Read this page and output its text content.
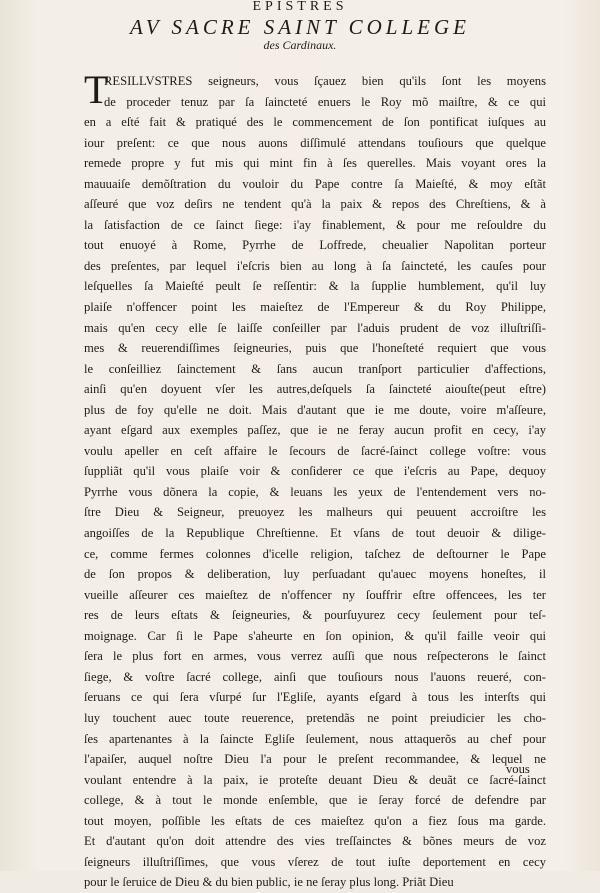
EPISTRES
AV SACRE SAINT COLLEGE
des Cardinaux.
T
RESILLVSTRES seigneurs, vous ſçauez bien qu'ils ſont les moyens
de proceder tenuz par ſa ſaincteté enuers le Roy mõ maiſtre, & ce qui
en a eſté fait & pratiqué des le commencement de ſon pontificat iuſques au
iour preſent: ce que nous auons diſſimulé attendans touſiours que quelque
remede propre y fut mis qui mint fin à ſes querelles. Mais voyant ores la
mauuaiſe demõſtration du vouloir du Pape contre ſa Maieſté, & moy eſtãt
aſſeuré que voz deſirs ne tendent qu'à la paix & repos des Chreſtiens, & à
la ſatisfaction de ce ſainct ſiege: i'ay finablement, & pour me reſouldre du
tout enuoyé à Rome, Pyrrhe de Loffrede, cheualier Napolitan porteur
des preſentes, par lequel i'eſcris bien au long à ſa ſaincteté, les cauſes pour
leſquelles ſa Maieſté peult ſe reſſentir: & la ſupplie humblement, qu'il luy
plaiſe n'offencer point les maieſtez de l'Empereur & du Roy Philippe,
mais qu'en cecy elle ſe laiſſe conſeiller par l'aduis prudent de voz illuſtriſſi-
mes & reuerendiſſimes ſeigneuries, puis que l'honeſteté requiert que vous
le conſeilliez ſainctement & ſans aucun tranſport particulier d'affections,
ainſi qu'en doyuent vſer les autres,deſquels ſa ſaincteté aiouſte(peut eſtre)
plus de foy qu'elle ne doit. Mais d'autant que ie me doute, voire m'aſſeure,
ayant eſgard aux exemples paſſez, que ie ne feray aucun profit en cecy, i'ay
voulu apeller en ceſt affaire le ſecours de ſacré-ſainct college voſtre: vous
ſuppliãt qu'il vous plaiſe voir & conſiderer ce que i'eſcris au Pape, dequoy
Pyrrhe vous dõnera la copie, & leuans les yeux de l'entendement vers no-
ſtre Dieu & Seigneur, preuoyez les malheurs qui peuuent accroiſtre les
angoiſſes de la Republique Chreſtienne. Et vſans de tout deuoir & dilige-
ce, comme fermes colonnes d'icelle religion, taſchez de deſtourner le Pape
de ſon propos & deliberation, luy perſuadant qu'auec moyens honeſtes, il
vueille aſſeurer ces maieſtez de n'offencer ny ſouffrir eſtre offencees, les ter
res de leurs eſtats & ſeigneuries, & pourſuyurez cecy ſeulement pour teſ-
moignage. Car ſi le Pape s'aheurte en ſon opinion, & qu'il faille veoir qui
ſera le plus fort en armes, vous verrez auſſi que nous reſpecterons le ſainct
ſiege, & voſtre ſacré college, ainſi que touſiours nous l'auons reueré, con-
ſeruans ce qui ſera vſurpé ſur l'Egliſe, ayants eſgard à tous les interſts qui
luy touchent auec toute reuerence, pretendãs ne point preiudicier les cho-
ſes apartenantes à la ſaincte Egliſe ſeulement, nous attaquerõs au chef pour
l'apaiſer, auquel noſtre Dieu l'a pour le preſent recommandee, & lequel ne
voulant entendre à la paix, ie proteſte deuant Dieu & deuãt ce ſacré-ſainct
college, & à tout le monde enſemble, que ie ſeray forcé de defendre par
tout moyen, poſſible les eſtats de ces maieſtez qu'on a fiez ſous ma garde.
Et d'autant qu'on doit attendre des vies treſſainctes & bõnes meurs de voz
ſeigneurs illuſtriſſimes, que vous vſerez de tout iuſte deportement en cecy
pour le ſeruice de Dieu & du bien public, ie ne ſeray plus long. Priãt Dieu
vous
